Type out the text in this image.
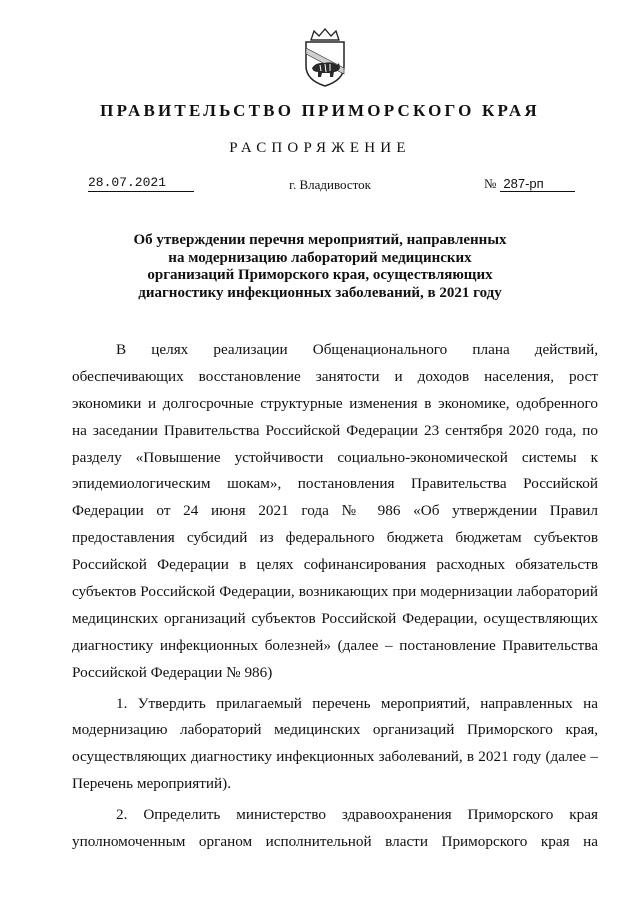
ПРАВИТЕЛЬСТВО ПРИМОРСКОГО КРАЯ
РАСПОРЯЖЕНИЕ
28.07.2021	г. Владивосток	№ 287-рп
Об утверждении перечня мероприятий, направленных
на модернизацию лабораторий медицинских
организаций Приморского края, осуществляющих
диагностику инфекционных заболеваний, в 2021 году
В целях реализации Общенационального плана действий,
обеспечивающих восстановление занятости и доходов населения, рост
экономики и долгосрочные структурные изменения в экономике, одобренного
на заседании Правительства Российской Федерации 23 сентября 2020 года, по
разделу «Повышение устойчивости социально-экономической системы к
эпидемиологическим шокам», постановления Правительства Российской
Федерации от 24 июня 2021 года № 986 «Об утверждении Правил
предоставления субсидий из федерального бюджета бюджетам субъектов
Российской Федерации в целях софинансирования расходных обязательств
субъектов Российской Федерации, возникающих при модернизации лабораторий
медицинских организаций субъектов Российской Федерации, осуществляющих
диагностику инфекционных болезней» (далее – постановление Правительства
Российской Федерации № 986)
1. Утвердить прилагаемый перечень мероприятий, направленных на
модернизацию лабораторий медицинских организаций Приморского края,
осуществляющих диагностику инфекционных заболеваний, в 2021 году (далее –
Перечень мероприятий).
2. Определить министерство здравоохранения Приморского края
уполномоченным органом исполнительной власти Приморского края на
